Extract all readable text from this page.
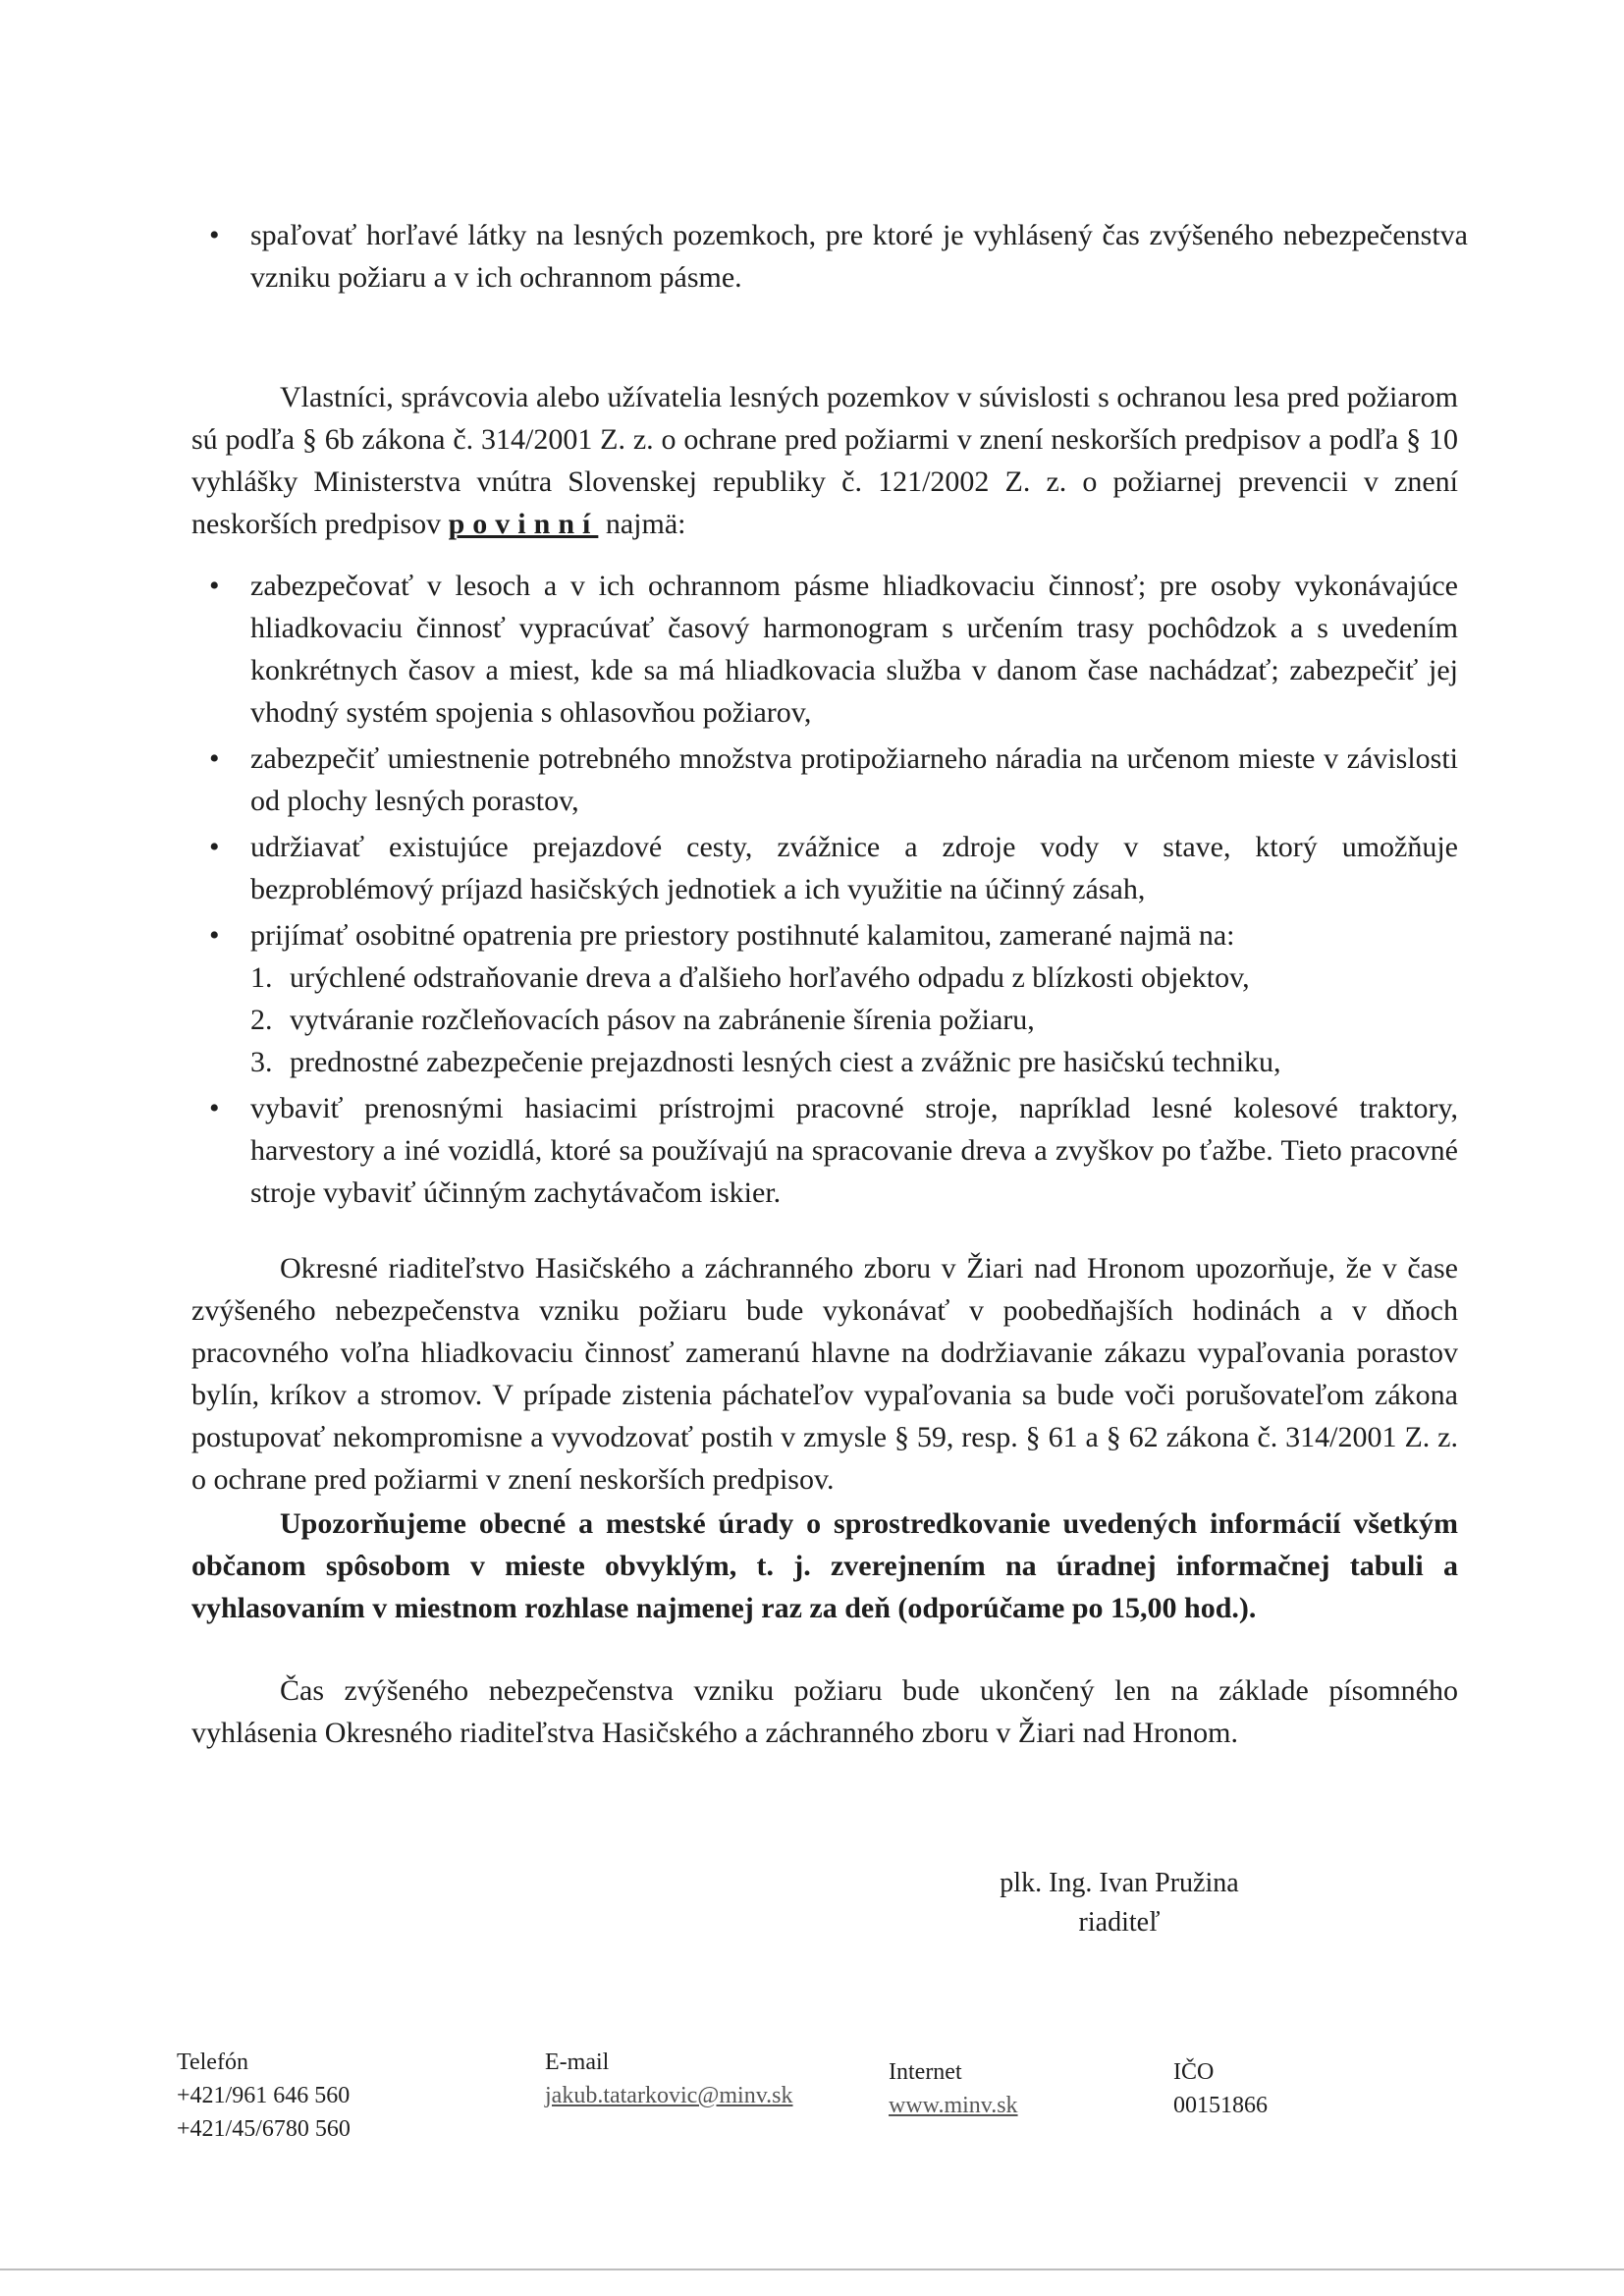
• spaľovať horľavé látky na lesných pozemkoch, pre ktoré je vyhlásený čas zvýšeného nebezpečenstva vzniku požiaru a v ich ochrannom pásme.

Vlastníci, správcovia alebo užívatelia lesných pozemkov v súvislosti s ochranou lesa pred požiarom sú podľa § 6b zákona č. 314/2001 Z. z. o ochrane pred požiarmi v znení neskorších predpisov a podľa § 10 vyhlášky Ministerstva vnútra Slovenskej republiky č. 121/2002 Z. z. o požiarnej prevencii v znení neskorších predpisov povinní najmä:

• zabezpečovať v lesoch a v ich ochrannom pásme hliadkovaciu činnosť; pre osoby vykonávajúce hliadkovaciu činnosť vypracúvať časový harmonogram s určením trasy pochôdzok a s uvedením konkrétnych časov a miest, kde sa má hliadkovacia služba v danom čase nachádzať; zabezpečiť jej vhodný systém spojenia s ohlasovňou požiarov,
• zabezpečiť umiestnenie potrebného množstva protipožiarneho náradia na určenom mieste v závislosti od plochy lesných porastov,
• udržiavať existujúce prejazdové cesty, zvážnice a zdroje vody v stave, ktorý umožňuje bezproblémový príjazd hasičských jednotiek a ich využitie na účinný zásah,
• prijímať osobitné opatrenia pre priestory postihnuté kalamitou, zamerané najmä na:
1. urýchlené odstraňovanie dreva a ďalšieho horľavého odpadu z blízkosti objektov,
2. vytváranie rozčleňovacích pásov na zabránenie šírenia požiaru,
3. prednostné zabezpečenie prejazdnosti lesných ciest a zvážnic pre hasičskú techniku,
• vybaviť prenosnými hasiacimi prístrojmi pracovné stroje, napríklad lesné kolesové traktory, harvestory a iné vozidlá, ktoré sa používajú na spracovanie dreva a zvyškov po ťažbe. Tieto pracovné stroje vybaviť účinným zachytávačom iskier.

Okresné riaditeľstvo Hasičského a záchranného zboru v Žiari nad Hronom upozorňuje, že v čase zvýšeného nebezpečenstva vzniku požiaru bude vykonávať v poobedňajších hodinách a v dňoch pracovného voľna hliadkovaciu činnosť zameranú hlavne na dodržiavanie zákazu vypaľovania porastov bylín, kríkov a stromov. V prípade zistenia páchateľov vypaľovania sa bude voči porušovateľom zákona postupovať nekompromisne a vyvodzovať postih v zmysle § 59, resp. § 61 a § 62 zákona č. 314/2001 Z. z. o ochrane pred požiarmi v znení neskorších predpisov.

Upozorňujeme obecné a mestské úrady o sprostredkovanie uvedených informácií všetkým občanom spôsobom v mieste obvyklým, t. j. zverejnením na úradnej informačnej tabuli a vyhlasovaním v miestnom rozhlase najmenej raz za deň (odporúčame po 15,00 hod.).

Čas zvýšeného nebezpečenstva vzniku požiaru bude ukončený len na základe písomného vyhlásenia Okresného riaditeľstva Hasičského a záchranného zboru v Žiari nad Hronom.

plk. Ing. Ivan Pružina
riaditeľ
Telefón
+421/961 646 560
+421/45/6780 560
E-mail
jakub.tatarkovic@minv.sk
Internet
www.minv.sk
IČO
00151866
